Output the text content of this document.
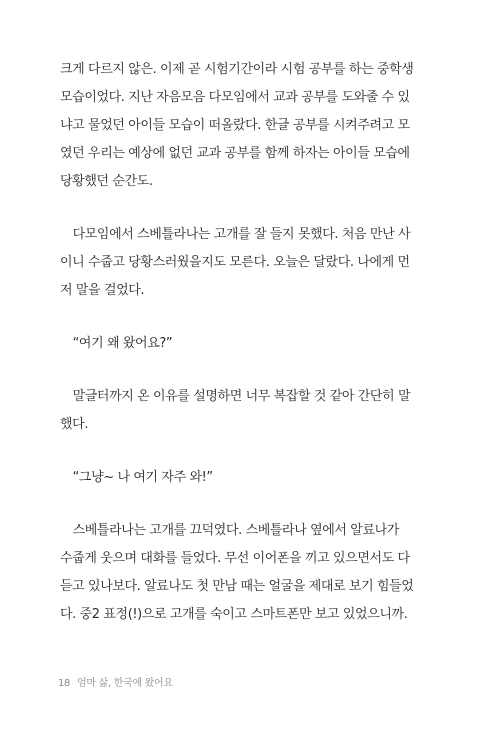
크게 다르지 않은. 이제 곧 시험기간이라 시험 공부를 하는 중학생
모습이었다. 지난 자음모음 다모임에서 교과 공부를 도와줄 수 있
냐고 물었던 아이들 모습이 떠올랐다. 한글 공부를 시켜주려고 모
였던 우리는 예상에 없던 교과 공부를 함께 하자는 아이들 모습에
당황했던 순간도.

　다모임에서 스베틀라나는 고개를 잘 들지 못했다. 처음 만난 사
이니 수줍고 당황스러웠을지도 모른다. 오늘은 달랐다. 나에게 먼
저 말을 걸었다.

　“여기 왜 왔어요?”

　말글터까지 온 이유를 설명하면 너무 복잡할 것 같아 간단히 말
했다.

　“그냥~ 나 여기 자주 와!”

　스베틀라나는 고개를 끄덕였다. 스베틀라나 옆에서 알료나가
수줍게 웃으며 대화를 들었다. 무선 이어폰을 끼고 있으면서도 다
듣고 있나보다. 알료나도 첫 만남 때는 얼굴을 제대로 보기 힘들었
다. 중2 표정(!)으로 고개를 숙이고 스마트폰만 보고 있었으니까.

18 엄마 삶, 한국에 왔어요
